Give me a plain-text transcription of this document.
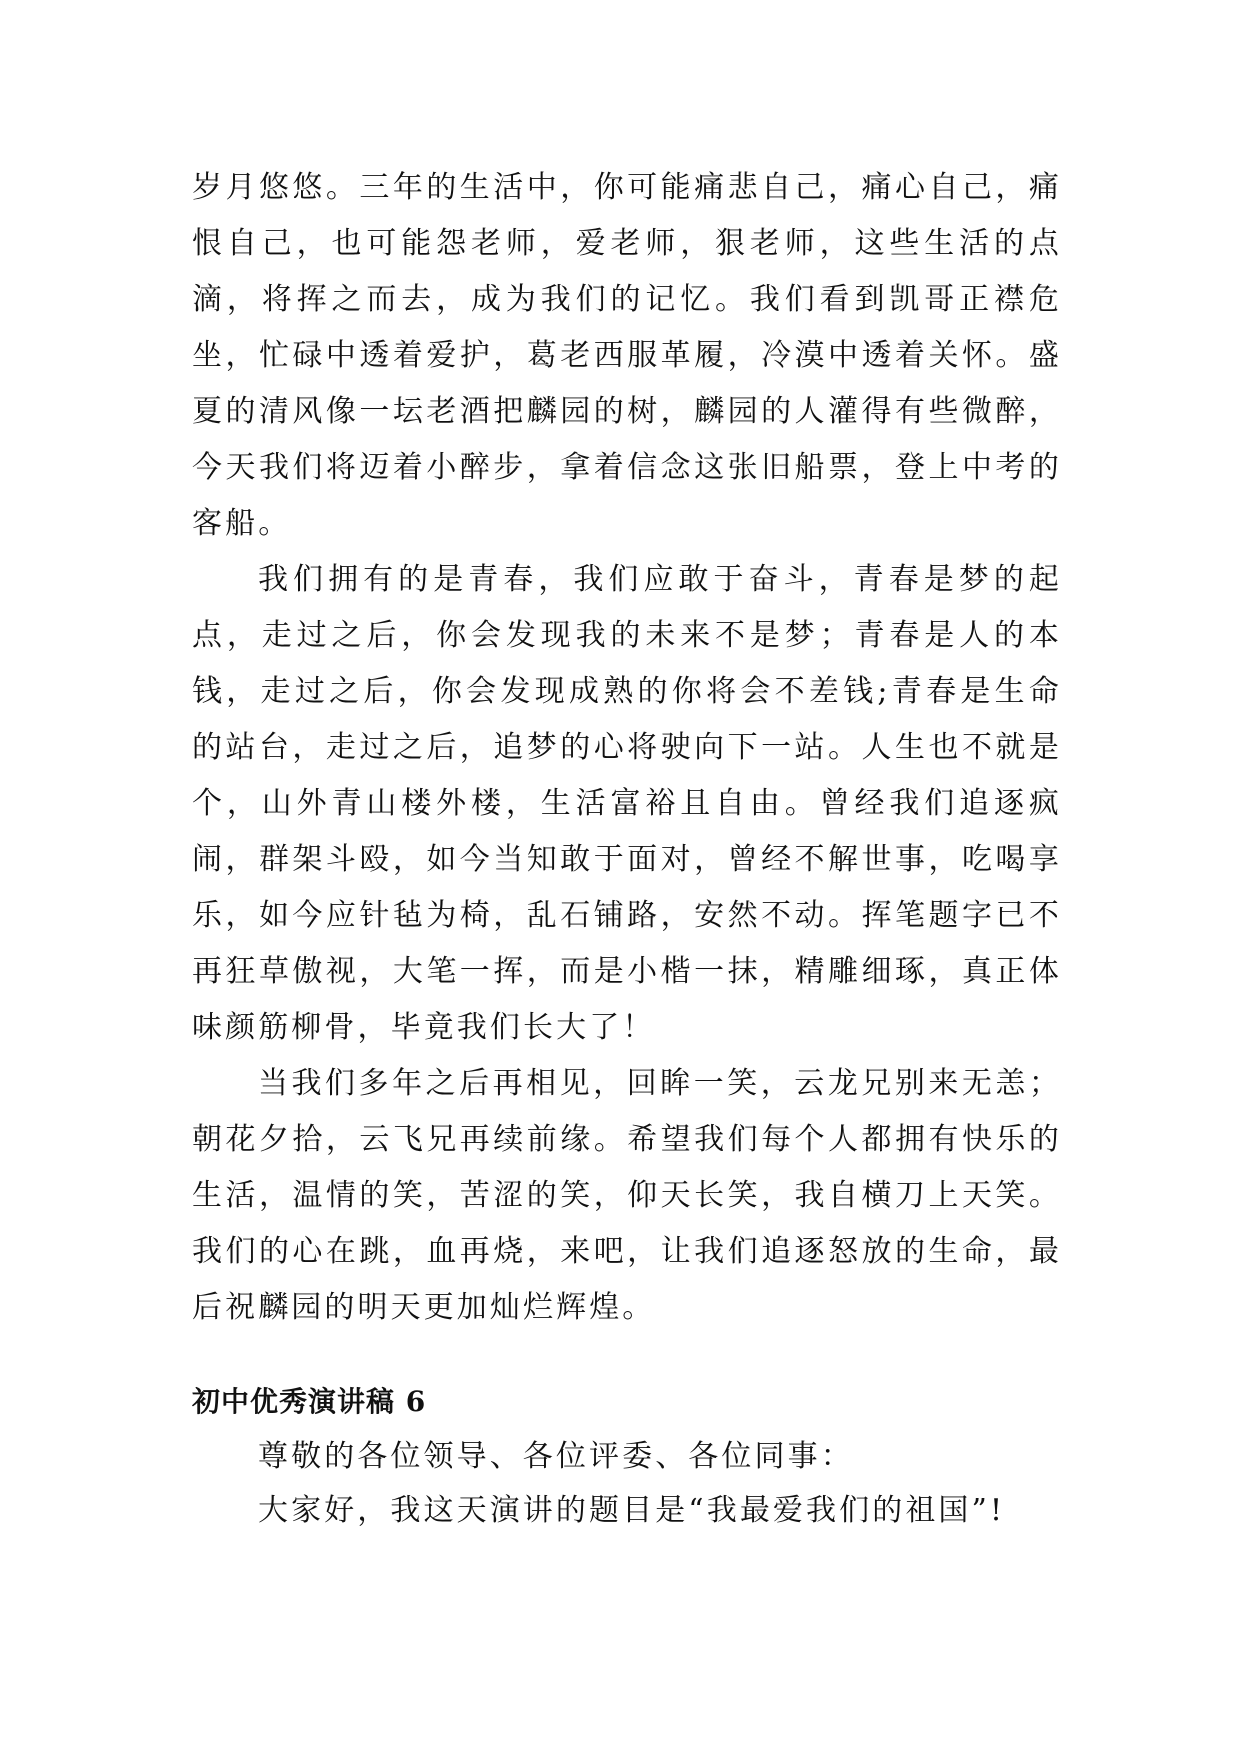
岁月悠悠。三年的生活中，你可能痛悲自己，痛心自己，痛恨自己，也可能怨老师，爱老师，狠老师，这些生活的点滴，将挥之而去，成为我们的记忆。我们看到凯哥正襟危坐，忙碌中透着爱护，葛老西服革履，冷漠中透着关怀。盛夏的清风像一坛老酒把麟园的树，麟园的人灌得有些微醉，今天我们将迈着小醉步，拿着信念这张旧船票，登上中考的客船。

我们拥有的是青春，我们应敢于奋斗，青春是梦的起点，走过之后，你会发现我的未来不是梦；青春是人的本钱，走过之后，你会发现成熟的你将会不差钱;青春是生命的站台，走过之后，追梦的心将驶向下一站。人生也不就是个，山外青山楼外楼，生活富裕且自由。曾经我们追逐疯闹，群架斗殴，如今当知敢于面对，曾经不解世事，吃喝享乐，如今应针毡为椅，乱石铺路，安然不动。挥笔题字已不再狂草傲视，大笔一挥，而是小楷一抹，精雕细琢，真正体味颜筋柳骨，毕竟我们长大了！

当我们多年之后再相见，回眸一笑，云龙兄别来无恙；朝花夕拾，云飞兄再续前缘。希望我们每个人都拥有快乐的生活，温情的笑，苦涩的笑，仰天长笑，我自横刀上天笑。我们的心在跳，血再烧，来吧，让我们追逐怒放的生命，最后祝麟园的明天更加灿烂辉煌。

初中优秀演讲稿 6

尊敬的各位领导、各位评委、各位同事：

大家好，我这天演讲的题目是“我最爱我们的祖国”!
